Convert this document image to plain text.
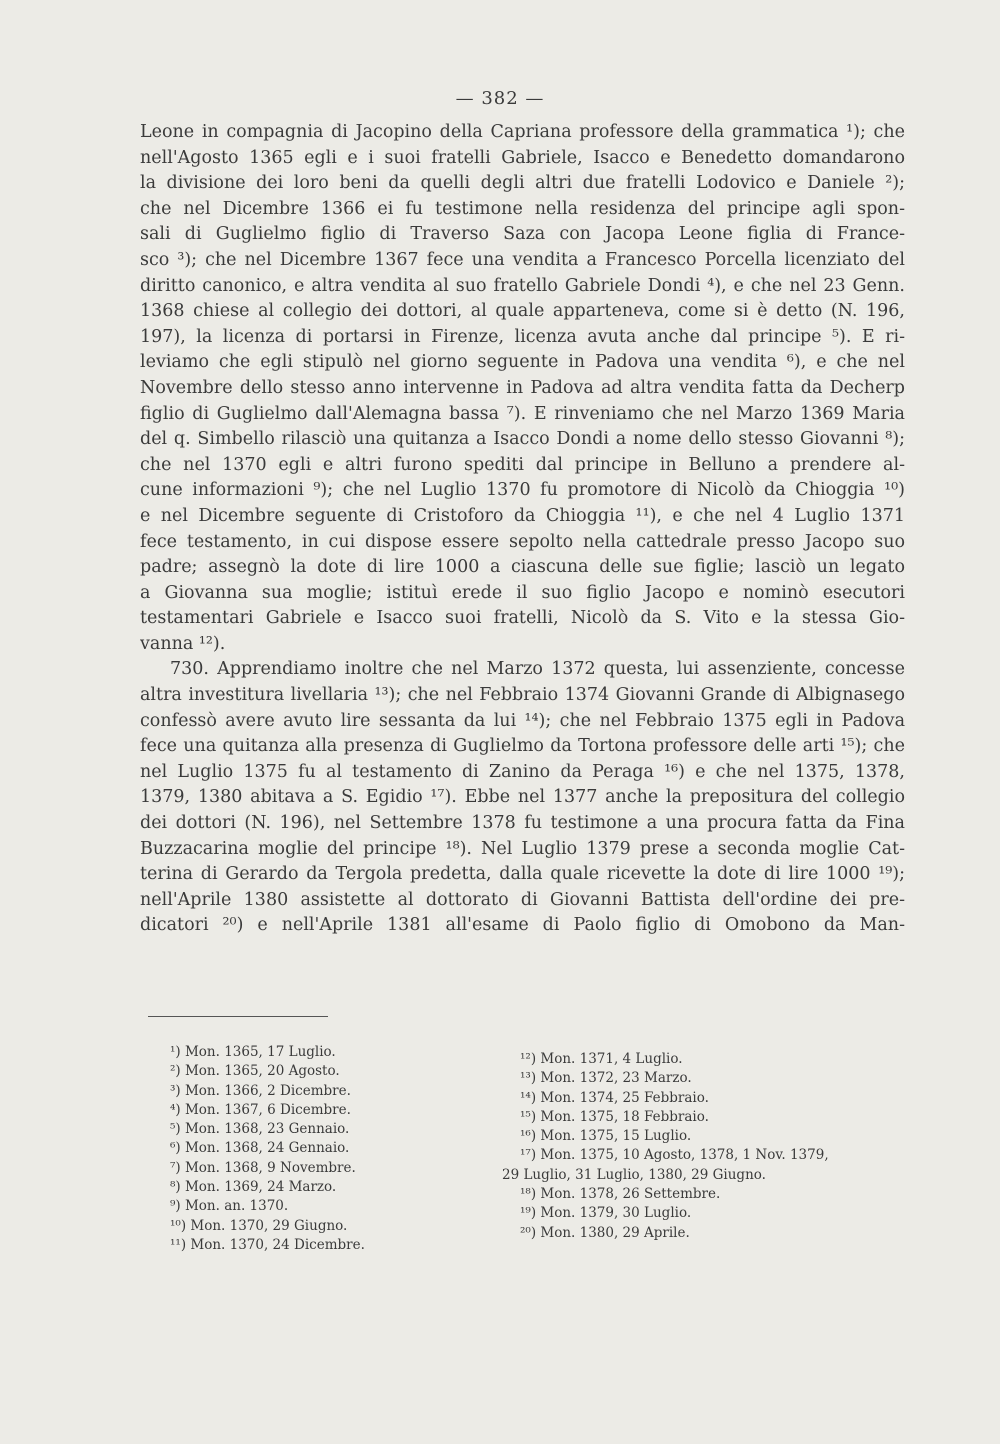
— 382 —
Leone in compagnia di Jacopino della Capriana professore della grammatica ¹); che
nell'Agosto 1365 egli e i suoi fratelli Gabriele, Isacco e Benedetto domandarono
la divisione dei loro beni da quelli degli altri due fratelli Lodovico e Daniele ²);
che nel Dicembre 1366 ei fu testimone nella residenza del principe agli spon-
sali di Guglielmo figlio di Traverso Saza con Jacopa Leone figlia di France-
sco ³); che nel Dicembre 1367 fece una vendita a Francesco Porcella licenziato del
diritto canonico, e altra vendita al suo fratello Gabriele Dondi ⁴), e che nel 23 Genn.
1368 chiese al collegio dei dottori, al quale apparteneva, come si è detto (N. 196,
197), la licenza di portarsi in Firenze, licenza avuta anche dal principe ⁵). E ri-
leviamo che egli stipulò nel giorno seguente in Padova una vendita ⁶), e che nel
Novembre dello stesso anno intervenne in Padova ad altra vendita fatta da Decherp
figlio di Guglielmo dall'Alemagna bassa ⁷). E rinveniamo che nel Marzo 1369 Maria
del q. Simbello rilasciò una quitanza a Isacco Dondi a nome dello stesso Giovanni ⁸);
che nel 1370 egli e altri furono spediti dal principe in Belluno a prendere al-
cune informazioni ⁹); che nel Luglio 1370 fu promotore di Nicolò da Chioggia ¹⁰)
e nel Dicembre seguente di Cristoforo da Chioggia ¹¹), e che nel 4 Luglio 1371
fece testamento, in cui dispose essere sepolto nella cattedrale presso Jacopo suo
padre; assegnò la dote di lire 1000 a ciascuna delle sue figlie; lasciò un legato
a Giovanna sua moglie; istituì erede il suo figlio Jacopo e nominò esecutori
testamentari Gabriele e Isacco suoi fratelli, Nicolò da S. Vito e la stessa Gio-
vanna ¹²).
730. Apprendiamo inoltre che nel Marzo 1372 questa, lui assenziente, concesse
altra investitura livellaria ¹³); che nel Febbraio 1374 Giovanni Grande di Albignasego
confessò avere avuto lire sessanta da lui ¹⁴); che nel Febbraio 1375 egli in Padova
fece una quitanza alla presenza di Guglielmo da Tortona professore delle arti ¹⁵); che
nel Luglio 1375 fu al testamento di Zanino da Peraga ¹⁶) e che nel 1375, 1378,
1379, 1380 abitava a S. Egidio ¹⁷). Ebbe nel 1377 anche la prepositura del collegio
dei dottori (N. 196), nel Settembre 1378 fu testimone a una procura fatta da Fina
Buzzacarina moglie del principe ¹⁸). Nel Luglio 1379 prese a seconda moglie Cat-
terina di Gerardo da Tergola predetta, dalla quale ricevette la dote di lire 1000 ¹⁹);
nell'Aprile 1380 assistette al dottorato di Giovanni Battista dell'ordine dei pre-
dicatori ²⁰) e nell'Aprile 1381 all'esame di Paolo figlio di Omobono da Man-
¹) Mon. 1365, 17 Luglio.
²) Mon. 1365, 20 Agosto.
³) Mon. 1366, 2 Dicembre.
⁴) Mon. 1367, 6 Dicembre.
⁵) Mon. 1368, 23 Gennaio.
⁶) Mon. 1368, 24 Gennaio.
⁷) Mon. 1368, 9 Novembre.
⁸) Mon. 1369, 24 Marzo.
⁹) Mon. an. 1370.
¹⁰) Mon. 1370, 29 Giugno.
¹¹) Mon. 1370, 24 Dicembre.
¹²) Mon. 1371, 4 Luglio.
¹³) Mon. 1372, 23 Marzo.
¹⁴) Mon. 1374, 25 Febbraio.
¹⁵) Mon. 1375, 18 Febbraio.
¹⁶) Mon. 1375, 15 Luglio.
¹⁷) Mon. 1375, 10 Agosto, 1378, 1 Nov. 1379,
29 Luglio, 31 Luglio, 1380, 29 Giugno.
¹⁸) Mon. 1378, 26 Settembre.
¹⁹) Mon. 1379, 30 Luglio.
²⁰) Mon. 1380, 29 Aprile.
